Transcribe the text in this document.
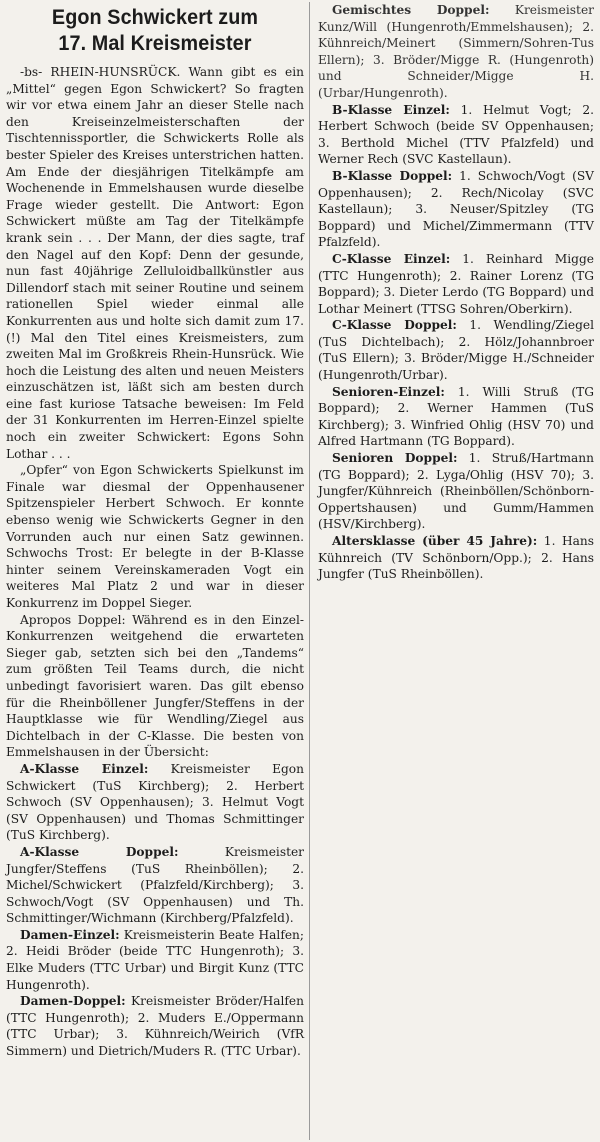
Egon Schwickert zum
17. Mal Kreismeister

-bs- RHEIN-HUNSRÜCK. Wann gibt es ein „Mittel“ gegen Egon Schwickert? So fragten wir vor etwa einem Jahr an dieser Stelle nach den Kreiseinzelmeisterschaften der Tischtennissportler, die Schwickerts Rolle als bester Spieler des Kreises unterstrichen hatten. Am Ende der diesjährigen Titelkämpfe am Wochenende in Emmelshausen wurde dieselbe Frage wieder gestellt. Die Antwort: Egon Schwickert müßte am Tag der Titelkämpfe krank sein . . . Der Mann, der dies sagte, traf den Nagel auf den Kopf: Denn der gesunde, nun fast 40jährige Zelluloidballkünstler aus Dillendorf stach mit seiner Routine und seinem rationellen Spiel wieder einmal alle Konkurrenten aus und holte sich damit zum 17. (!) Mal den Titel eines Kreismeisters, zum zweiten Mal im Großkreis Rhein-Hunsrück. Wie hoch die Leistung des alten und neuen Meisters einzuschätzen ist, läßt sich am besten durch eine fast kuriose Tatsache beweisen: Im Feld der 31 Konkurrenten im Herren-Einzel spielte noch ein zweiter Schwickert: Egons Sohn Lothar . . .

„Opfer“ von Egon Schwickerts Spielkunst im Finale war diesmal der Oppenhausener Spitzenspieler Herbert Schwoch. Er konnte ebenso wenig wie Schwickerts Gegner in den Vorrunden auch nur einen Satz gewinnen. Schwochs Trost: Er belegte in der B-Klasse hinter seinem Vereinskameraden Vogt ein weiteres Mal Platz 2 und war in dieser Konkurrenz im Doppel Sieger.

Apropos Doppel: Während es in den Einzel-Konkurrenzen weitgehend die erwarteten Sieger gab, setzten sich bei den „Tandems“ zum größten Teil Teams durch, die nicht unbedingt favorisiert waren. Das gilt ebenso für die Rheinböllener Jungfer/Steffens in der Hauptklasse wie für Wendling/Ziegel aus Dichtelbach in der C-Klasse. Die besten von Emmelshausen in der Übersicht:

A-Klasse Einzel: Kreismeister Egon Schwickert (TuS Kirchberg); 2. Herbert Schwoch (SV Oppenhausen); 3. Helmut Vogt (SV Oppenhausen) und Thomas Schmittinger (TuS Kirchberg).

A-Klasse Doppel: Kreismeister Jungfer/Steffens (TuS Rheinböllen); 2. Michel/Schwickert (Pfalzfeld/Kirchberg); 3. Schwoch/Vogt (SV Oppenhausen) und Th. Schmittinger/Wichmann (Kirchberg/Pfalzfeld).

Damen-Einzel: Kreismeisterin Beate Halfen; 2. Heidi Bröder (beide TTC Hungenroth); 3. Elke Muders (TTC Urbar) und Birgit Kunz (TTC Hungenroth).

Damen-Doppel: Kreismeister Bröder/Halfen (TTC Hungenroth); 2. Muders E./Oppermann (TTC Urbar); 3. Kühnreich/Weirich (VfR Simmern) und Dietrich/Muders R. (TTC Urbar).

Gemischtes Doppel: Kreismeister Kunz/Will (Hungenroth/Emmelshausen); 2. Kühnreich/Meinert (Simmern/Sohren-Tus Ellern); 3. Bröder/Migge R. (Hungenroth) und Schneider/Migge H. (Urbar/Hungenroth).

B-Klasse Einzel: 1. Helmut Vogt; 2. Herbert Schwoch (beide SV Oppenhausen; 3. Berthold Michel (TTV Pfalzfeld) und Werner Rech (SVC Kastellaun).

B-Klasse Doppel: 1. Schwoch/Vogt (SV Oppenhausen); 2. Rech/Nicolay (SVC Kastellaun); 3. Neuser/Spitzley (TG Boppard) und Michel/Zimmermann (TTV Pfalzfeld).

C-Klasse Einzel: 1. Reinhard Migge (TTC Hungenroth); 2. Rainer Lorenz (TG Boppard); 3. Dieter Lerdo (TG Boppard) und Lothar Meinert (TTSG Sohren/Oberkirn).

C-Klasse Doppel: 1. Wendling/Ziegel (TuS Dichtelbach); 2. Hölz/Johannbroer (TuS Ellern); 3. Bröder/Migge H./Schneider (Hungenroth/Urbar).

Senioren-Einzel: 1. Willi Struß (TG Boppard); 2. Werner Hammen (TuS Kirchberg); 3. Winfried Ohlig (HSV 70) und Alfred Hartmann (TG Boppard).

Senioren Doppel: 1. Struß/Hartmann (TG Boppard); 2. Lyga/Ohlig (HSV 70); 3. Jungfer/Kühnreich (Rheinböllen/Schönborn-Oppertshausen) und Gumm/Hammen (HSV/Kirchberg).

Altersklasse (über 45 Jahre): 1. Hans Kühnreich (TV Schönborn/Opp.); 2. Hans Jungfer (TuS Rheinböllen).
